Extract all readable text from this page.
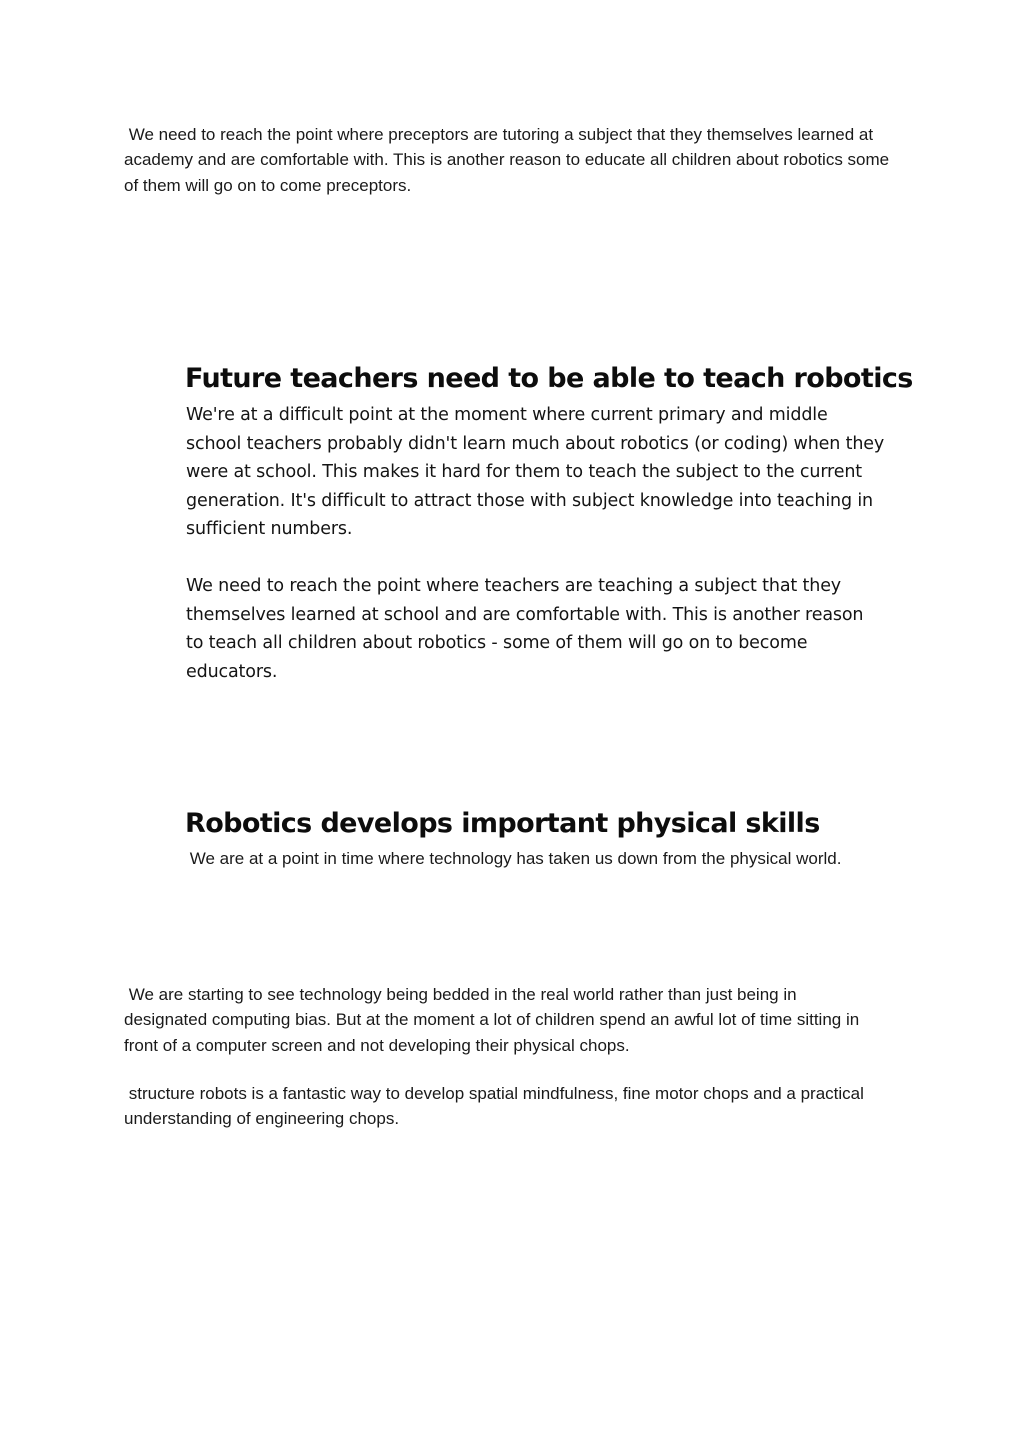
We need to reach the point where preceptors are tutoring a subject that they themselves learned at academy and are comfortable with. This is another reason to educate all children about robotics some of them will go on to come preceptors.

Future teachers need to be able to teach robotics

We're at a difficult point at the moment where current primary and middle school teachers probably didn't learn much about robotics (or coding) when they were at school. This makes it hard for them to teach the subject to the current generation. It's difficult to attract those with subject knowledge into teaching in sufficient numbers.

We need to reach the point where teachers are teaching a subject that they themselves learned at school and are comfortable with. This is another reason to teach all children about robotics - some of them will go on to become educators.

Robotics develops important physical skills

We are at a point in time where technology has taken us down from the physical world.

We are starting to see technology being bedded in the real world rather than just being in designated computing bias. But at the moment a lot of children spend an awful lot of time sitting in front of a computer screen and not developing their physical chops.

structure robots is a fantastic way to develop spatial mindfulness, fine motor chops and a practical understanding of engineering chops.
